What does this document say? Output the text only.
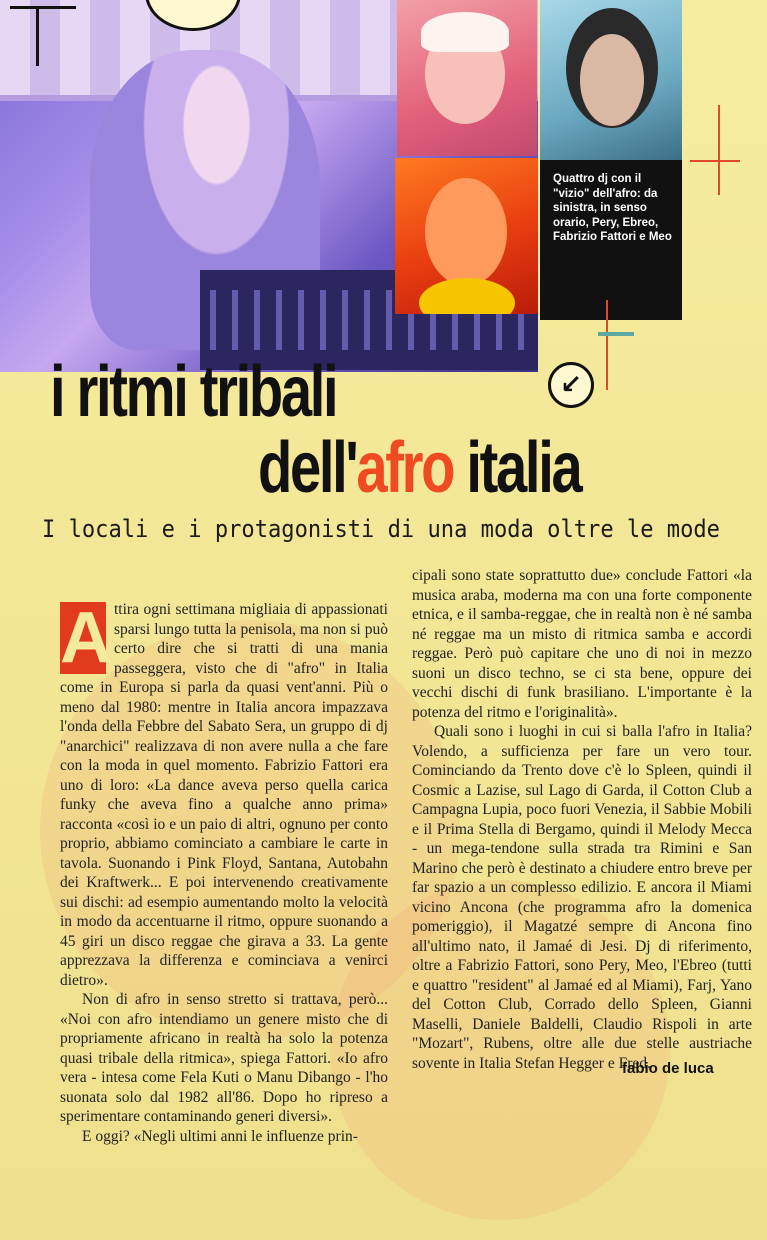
Quattro dj con il "vizio" dell'afro: da sinistra, in senso orario, Pery, Ebreo, Fabrizio Fattori e Meo
i ritmi tribali	↙
dell'afro italia
I locali e i protagonisti di una moda oltre le mode
A ttira ogni settimana migliaia di appassionati sparsi lungo tutta la penisola, ma non si può certo dire che si tratti di una mania passeggera, visto che di "afro" in Italia come in Europa si parla da quasi vent'anni. Più o meno dal 1980: mentre in Italia ancora impazzava l'onda della Febbre del Sabato Sera, un gruppo di dj "anarchici" realizzava di non avere nulla a che fare con la moda in quel momento. Fabrizio Fattori era uno di loro: «La dance aveva perso quella carica funky che aveva fino a qualche anno prima» racconta «così io e un paio di altri, ognuno per conto proprio, abbiamo cominciato a cambiare le carte in tavola. Suonando i Pink Floyd, Santana, Autobahn dei Kraftwerk... E poi intervenendo creativamente sui dischi: ad esempio aumentando molto la velocità in modo da accentuarne il ritmo, oppure suonando a 45 giri un disco reggae che girava a 33. La gente apprezzava la differenza e cominciava a venirci dietro».

Non di afro in senso stretto si trattava, però... «Noi con afro intendiamo un genere misto che di propriamente africano in realtà ha solo la potenza quasi tribale della ritmica», spiega Fattori. «Io afro vera - intesa come Fela Kuti o Manu Dibango - l'ho suonata solo dal 1982 all'86. Dopo ho ripreso a sperimentare contaminando generi diversi».

E oggi? «Negli ultimi anni le influenze prin-

cipali sono state soprattutto due» conclude Fattori «la musica araba, moderna ma con una forte componente etnica, e il samba-reggae, che in realtà non è né samba né reggae ma un misto di ritmica samba e accordi reggae. Però può capitare che uno di noi in mezzo suoni un disco techno, se ci sta bene, oppure dei vecchi dischi di funk brasiliano. L'importante è la potenza del ritmo e l'originalità».

Quali sono i luoghi in cui si balla l'afro in Italia? Volendo, a sufficienza per fare un vero tour. Cominciando da Trento dove c'è lo Spleen, quindi il Cosmic a Lazise, sul Lago di Garda, il Cotton Club a Campagna Lupia, poco fuori Venezia, il Sabbie Mobili e il Prima Stella di Bergamo, quindi il Melody Mecca - un mega-tendone sulla strada tra Rimini e San Marino che però è destinato a chiudere entro breve per far spazio a un complesso edilizio. E ancora il Miami vicino Ancona (che programma afro la domenica pomeriggio), il Magatzé sempre di Ancona fino all'ultimo nato, il Jamaé di Jesi. Dj di riferimento, oltre a Fabrizio Fattori, sono Pery, Meo, l'Ebreo (tutti e quattro "resident" al Jamaé ed al Miami), Farj, Yano del Cotton Club, Corrado dello Spleen, Gianni Maselli, Daniele Baldelli, Claudio Rispoli in arte "Mozart", Rubens, oltre alle due stelle austriache sovente in Italia Stefan Hegger e Fred.

fabio de luca
